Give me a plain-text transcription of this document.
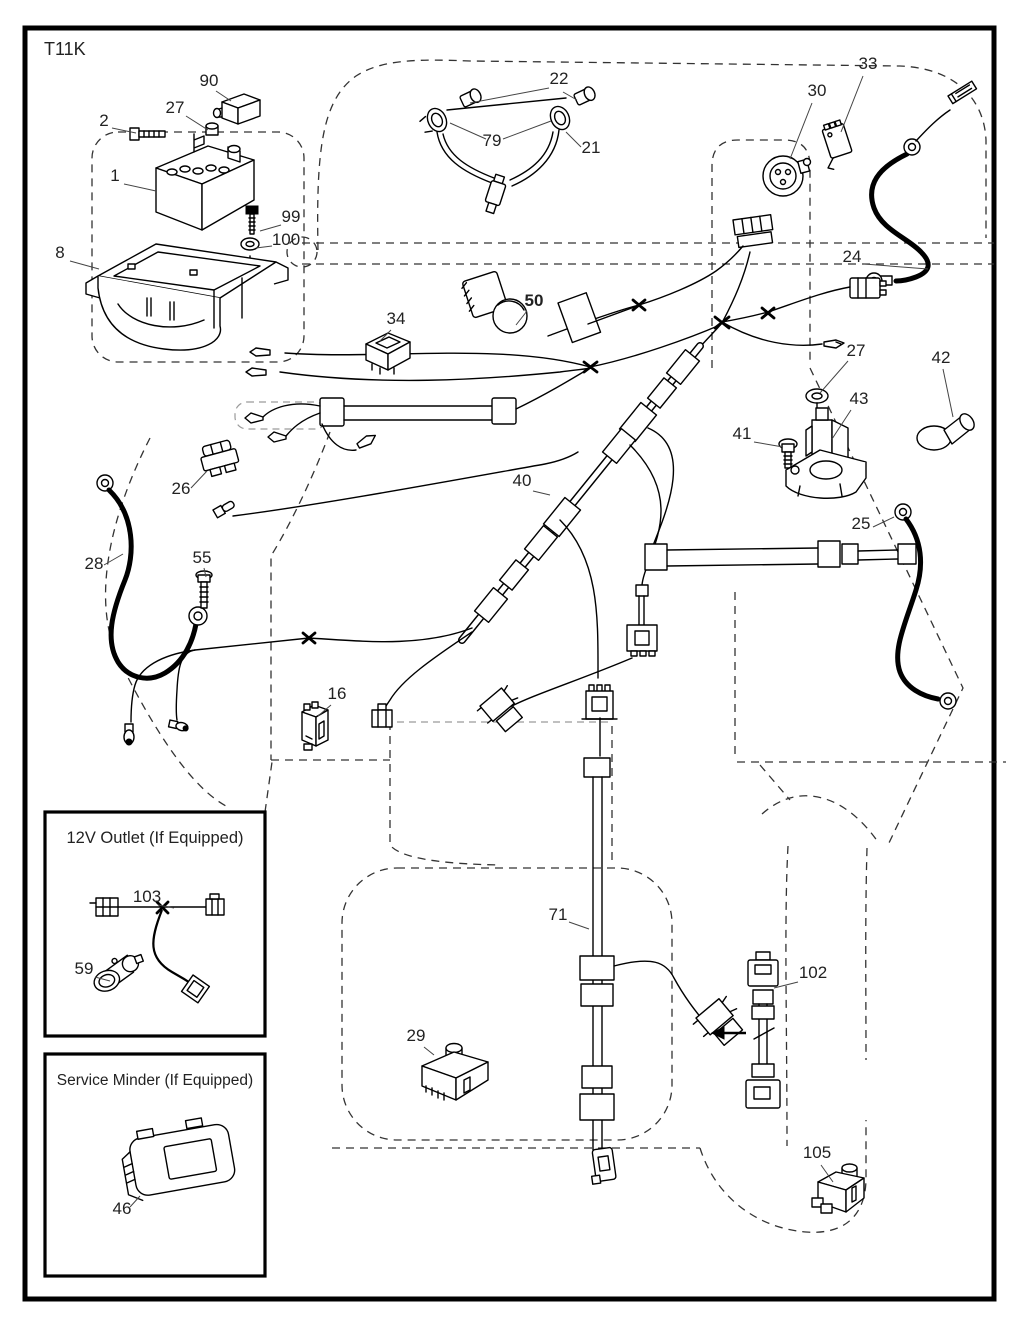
T11K
90
27
2
1
8
99
100
22
79	21
30
33
24
34
50
27	42
43
41
25
26	40
28	55
16
103
59
29
71
102
105
46
12V Outlet (If Equipped)
Service Minder (If Equipped)
